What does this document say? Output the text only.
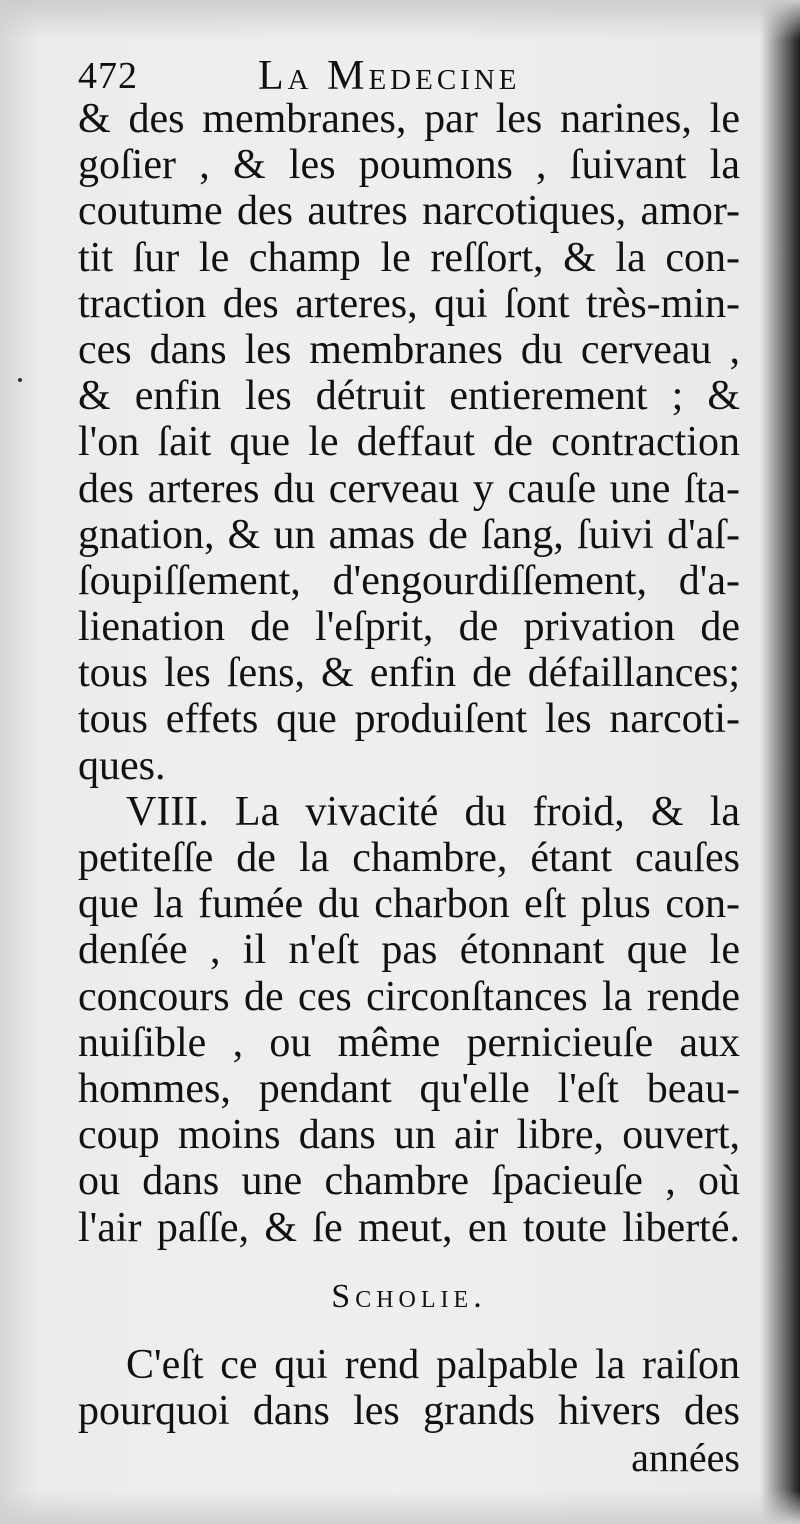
472	La Medecine
& des membranes, par les narines, le
goſier , & les poumons , ſuivant la
coutume des autres narcotiques, amor-
tit ſur le champ le reſſort, & la con-
traction des arteres, qui ſont très-min-
ces dans les membranes du cerveau ,
& enfin les détruit entierement ; &
l'on ſait que le deffaut de contraction
des arteres du cerveau y cauſe une ſta-
gnation, & un amas de ſang, ſuivi d'aſ-
ſoupiſſement, d'engourdiſſement, d'a-
lienation de l'eſprit, de privation de
tous les ſens, & enfin de défaillances;
tous effets que produiſent les narcoti-
ques.
VIII. La vivacité du froid, & la
petiteſſe de la chambre, étant cauſes
que la fumée du charbon eſt plus con-
denſée , il n'eſt pas étonnant que le
concours de ces circonſtances la rende
nuiſible , ou même pernicieuſe aux
hommes, pendant qu'elle l'eſt beau-
coup moins dans un air libre, ouvert,
ou dans une chambre ſpacieuſe , où
l'air paſſe, & ſe meut, en toute liberté.
Scholie.
C'eſt ce qui rend palpable la raiſon
pourquoi dans les grands hivers des
années
